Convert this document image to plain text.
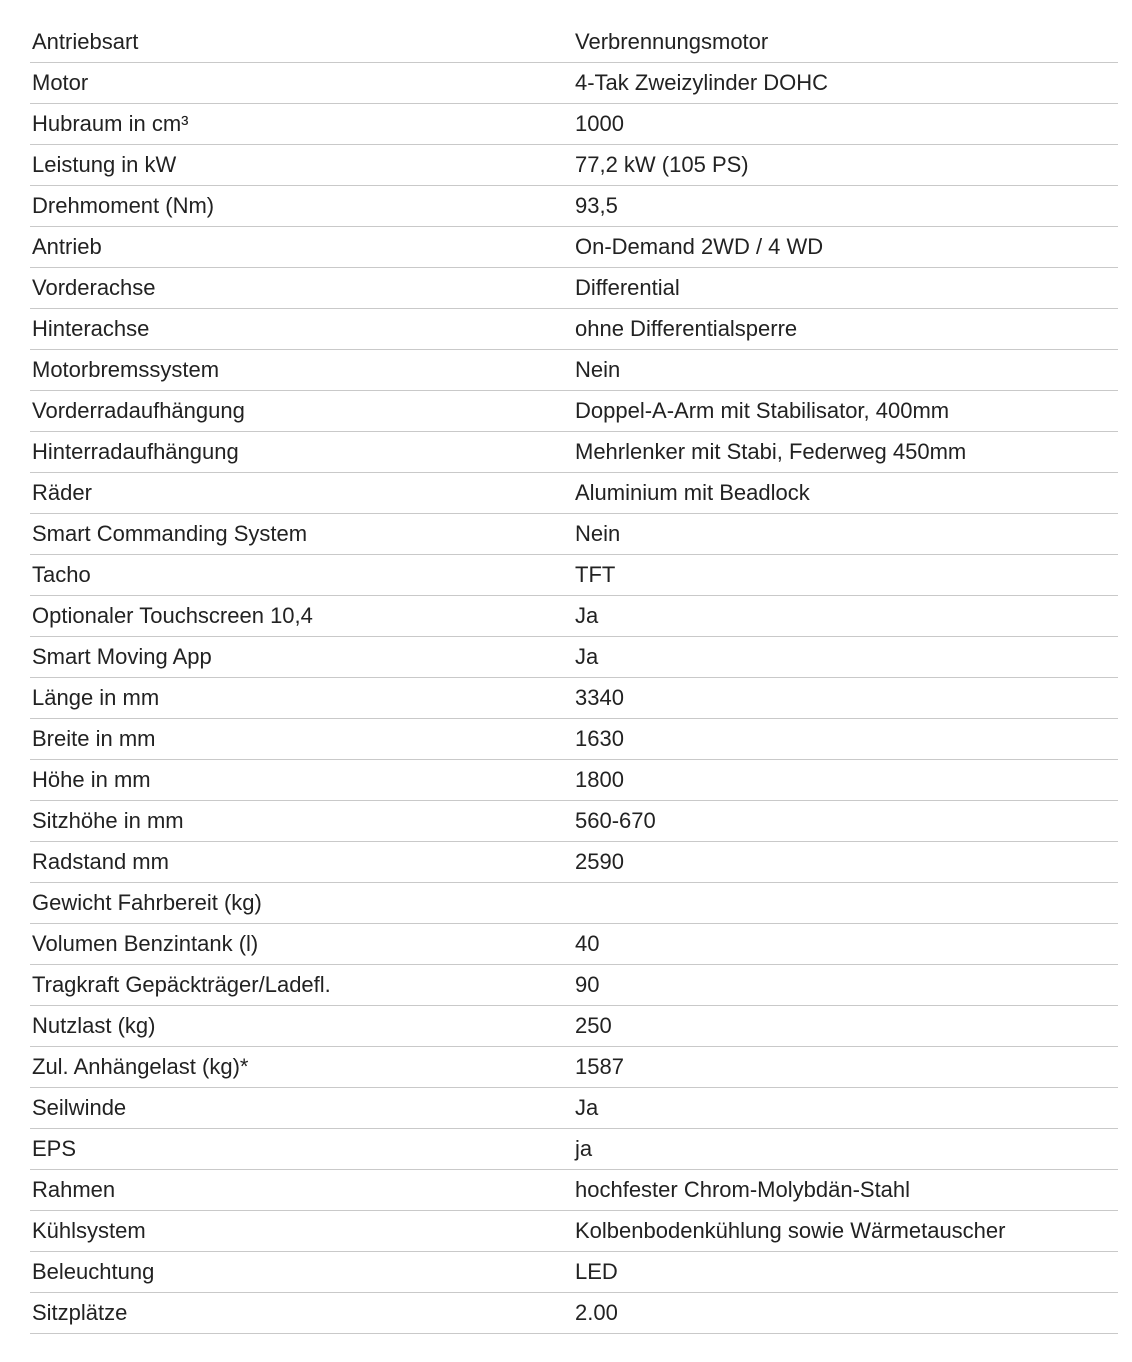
Antriebsart	Verbrennungsmotor
Motor	4-Tak Zweizylinder DOHC
Hubraum in cm³	1000
Leistung in kW	77,2 kW (105 PS)
Drehmoment (Nm)	93,5
Antrieb	On-Demand 2WD / 4 WD
Vorderachse	Differential
Hinterachse	ohne Differentialsperre
Motorbremssystem	Nein
Vorderradaufhängung	Doppel-A-Arm mit Stabilisator, 400mm
Hinterradaufhängung	Mehrlenker mit Stabi, Federweg 450mm
Räder	Aluminium mit Beadlock
Smart Commanding System	Nein
Tacho	TFT
Optionaler Touchscreen 10,4	Ja
Smart Moving App	Ja
Länge in mm	3340
Breite in mm	1630
Höhe in mm	1800
Sitzhöhe in mm	560-670
Radstand mm	2590
Gewicht Fahrbereit (kg)	
Volumen Benzintank (l)	40
Tragkraft Gepäckträger/Ladefl.	90
Nutzlast (kg)	250
Zul. Anhängelast (kg)*	1587
Seilwinde	Ja
EPS	ja
Rahmen	hochfester Chrom-Molybdän-Stahl
Kühlsystem	Kolbenbodenkühlung sowie Wärmetauscher
Beleuchtung	LED
Sitzplätze	2.00
